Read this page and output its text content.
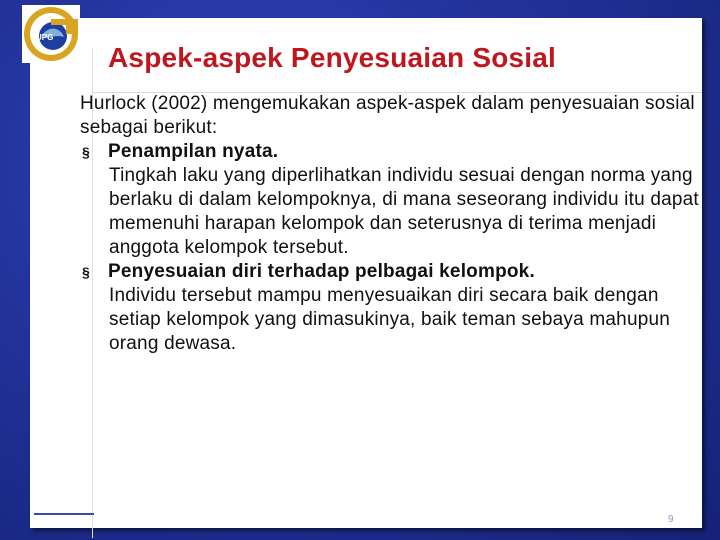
UPG
Aspek-aspek Penyesuaian Sosial

Hurlock (2002) mengemukakan aspek-aspek dalam penyesuaian sosial sebagai berikut:

§ Penampilan nyata.

Tingkah laku yang diperlihatkan individu sesuai dengan norma yang berlaku di dalam kelompoknya, di mana seseorang individu itu dapat memenuhi harapan kelompok dan seterusnya di terima menjadi anggota kelompok tersebut.

§ Penyesuaian diri terhadap pelbagai kelompok.

Individu tersebut mampu menyesuaikan diri secara baik dengan setiap kelompok yang dimasukinya, baik teman sebaya mahupun orang dewasa.

9
